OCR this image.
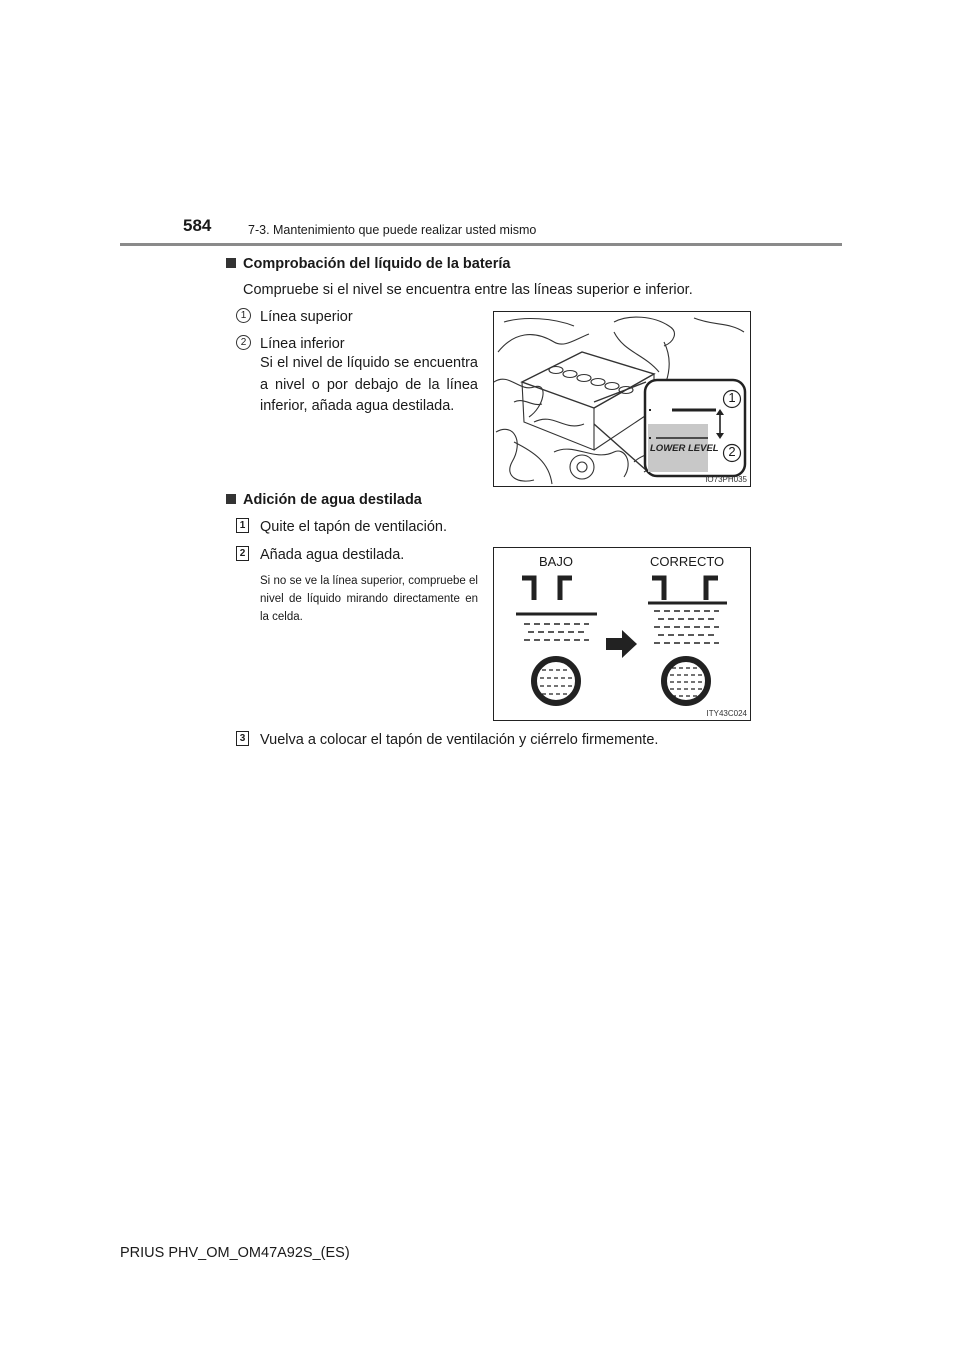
584	7-3. Mantenimiento que puede realizar usted mismo
Comprobación del líquido de la batería
Compruebe si el nivel se encuentra entre las líneas superior e inferior.
1 Línea superior
2 Línea inferior
Si el nivel de líquido se encuentra a nivel o por debajo de la línea inferior, añada agua destilada.
1
2
LOWER LEVEL
IO73PH035
Adición de agua destilada
1 Quite el tapón de ventilación.
2 Añada agua destilada.
Si no se ve la línea superior, compruebe el nivel de líquido mirando directamente en la celda.
BAJO	CORRECTO
ITY43C024
3 Vuelva a colocar el tapón de ventilación y ciérrelo firmemente.
PRIUS PHV_OM_OM47A92S_(ES)
